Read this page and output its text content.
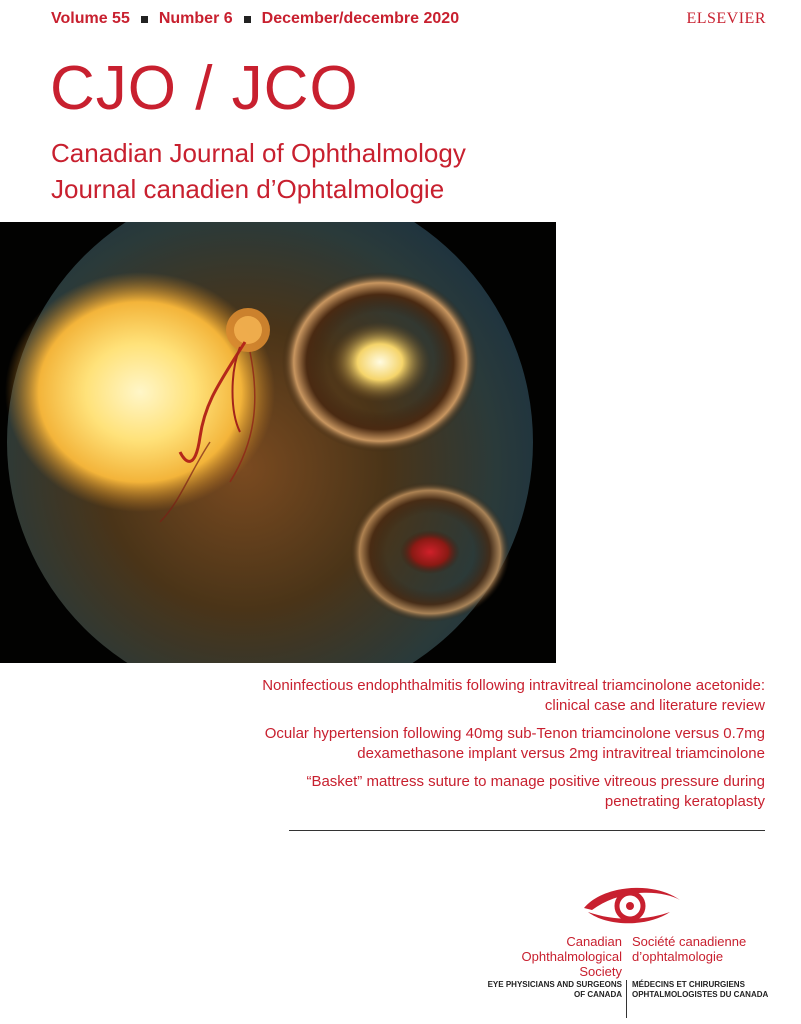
Volume 55 Number 6 December/decembre 2020	ELSEVIER
CJO / JCO
Canadian Journal of Ophthalmology
Journal canadien d’Ophtalmologie
Noninfectious endophthalmitis following intravitreal triamcinolone acetonide: clinical case and literature review
Ocular hypertension following 40mg sub-Tenon triamcinolone versus 0.7mg dexamethasone implant versus 2mg intravitreal triamcinolone
“Basket” mattress suture to manage positive vitreous pressure during penetrating keratoplasty
Canadian Ophthalmological Society
Société canadienne d’ophtalmologie
EYE PHYSICIANS AND SURGEONS OF CANADA
MÉDECINS ET CHIRURGIENS OPHTALMOLOGISTES DU CANADA
